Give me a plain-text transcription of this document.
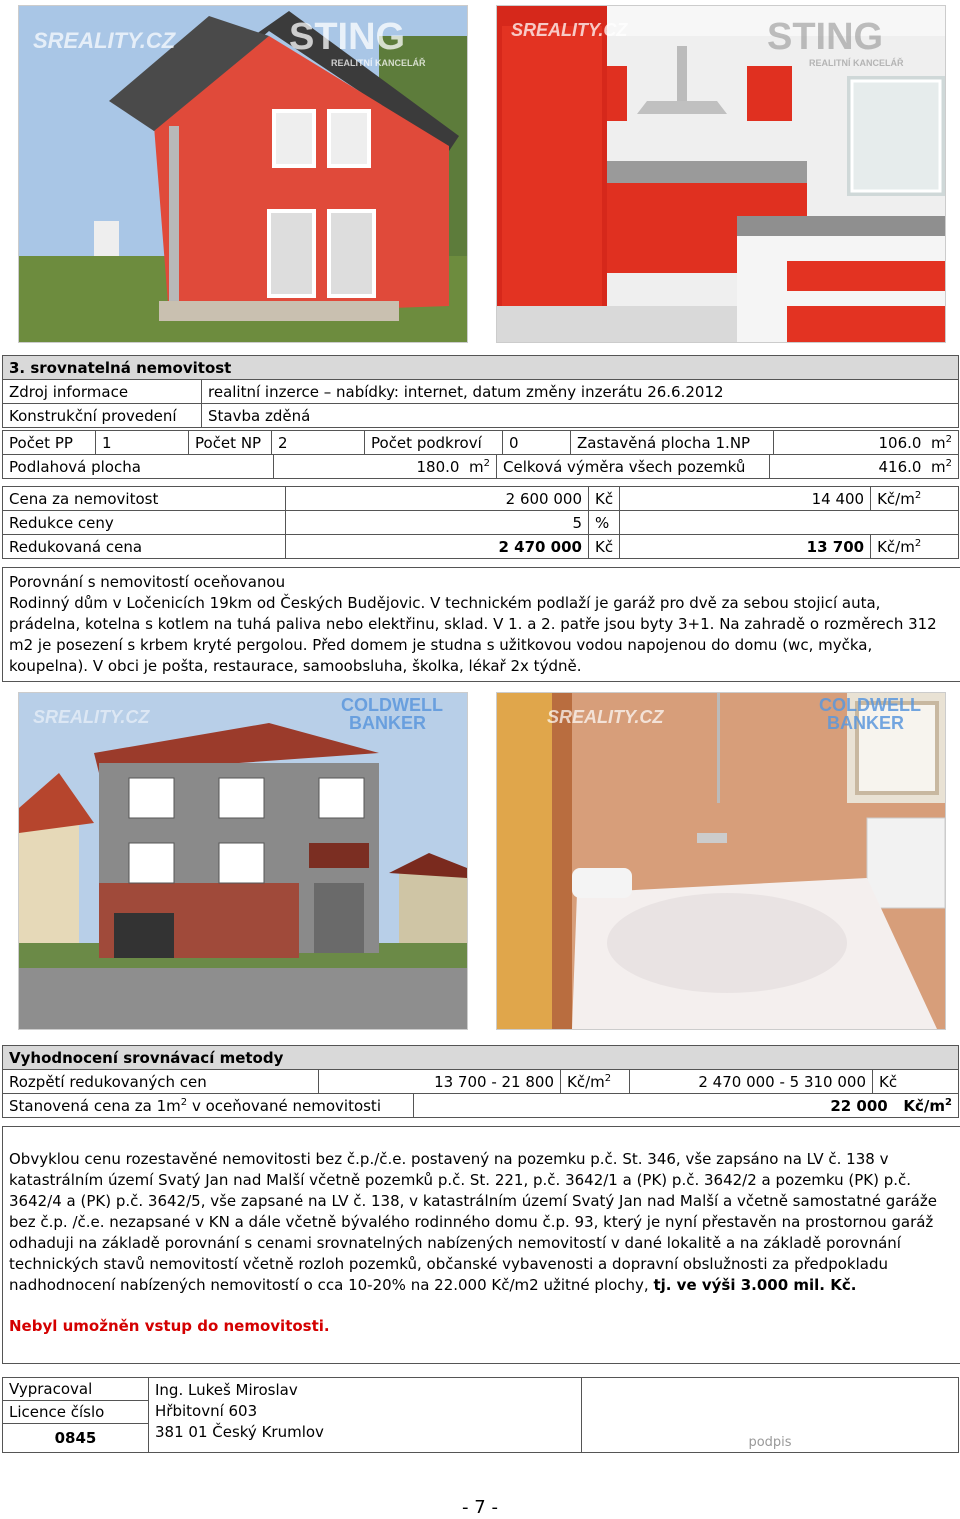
SREALITY.CZ	STING
REALITNÍ KANCELÁŘ
SREALITY.CZ	STING
REALITNÍ KANCELÁŘ
3. srovnatelná nemovitost	
Zdroj informace	realitní inzerce – nabídky: internet, datum změny inzerátu 26.6.2012
Konstrukční provedení	Stavba zděná
Počet PP	1	Počet NP	2	Počet podkroví	0	Zastavěná plocha 1.NP	106.0 $m^2$
Podlahová plocha	180.0 $m^2$	Celková výměra všech pozemků	416.0 $m^2$
Cena za nemovitost	2 600 000	Kč	14 400	$Kč/m^2$
Redukce ceny	5	%		
Redukovaná cena	2 470 000	Kč	13 700	$Kč/m^2$
Porovnání s nemovitostí oceňovanou
Rodinný dům v Ločenicích 19km od Českých Budějovic. V technickém podlaží je garáž pro dvě za sebou stojicí auta, prádelna, kotelna s kotlem na tuhá paliva nebo elektřinu, sklad. V 1. a 2. patře jsou byty 3+1. Na zahradě o rozměrech 312 m2 je posezení s krbem kryté pergolou. Před domem je studna s užitkovou vodou napojenou do domu (wc, myčka, koupelna). V obci je pošta, restaurace, samoobsluha, školka, lékař 2x týdně.
COLDWELL
BANKER
SREALITY.CZ	SREALITY.CZ
COLDWELL
BANKER
Vyhodnocení srovnávací metody
Rozpětí redukovaných cen	13 700 - 21 800	$Kč/m^2$	2 470 000 - 5 310 000	Kč
Stanovená cena za $1m^2$ v oceňované nemovitosti	22 000 $Kč/m^2$
Obvyklou cenu rozestavěné nemovitosti bez č.p./č.e. postavený na pozemku p.č. St. 346, vše zapsáno na LV č. 138 v katastrálním území Svatý Jan nad Malší včetně pozemků p.č. St. 221, p.č. 3642/1 a (PK) p.č. 3642/2 a pozemku (PK) p.č. 3642/4 a (PK) p.č. 3642/5, vše zapsané na LV č. 138, v katastrálním území Svatý Jan nad Malší a včetně samostatné garáže bez č.p. /č.e. nezapsané v KN a dále včetně bývalého rodinného domu č.p. 93, který je nyní přestavěn na prostornou garáž odhaduji na základě porovnání s cenami srovnatelných nabízených nemovitostí v dané lokalitě a na základě porovnání technických stavů nemovitostí včetně rozloh pozemků, občanské vybavenosti a dopravní obslužnosti za předpokladu nadhodnocení nabízených nemovitostí o cca 10-20% na 22.000 Kč/m2 užitné plochy, tj. ve výši 3.000 mil. Kč.
Nebyl umožněn vstup do nemovitosti.
Vypracoval	Ing. Lukeš Miroslav
Hřbitovní 603
381 01 Český Krumlov
	podpis
Licence číslo
0845
- 7 -
